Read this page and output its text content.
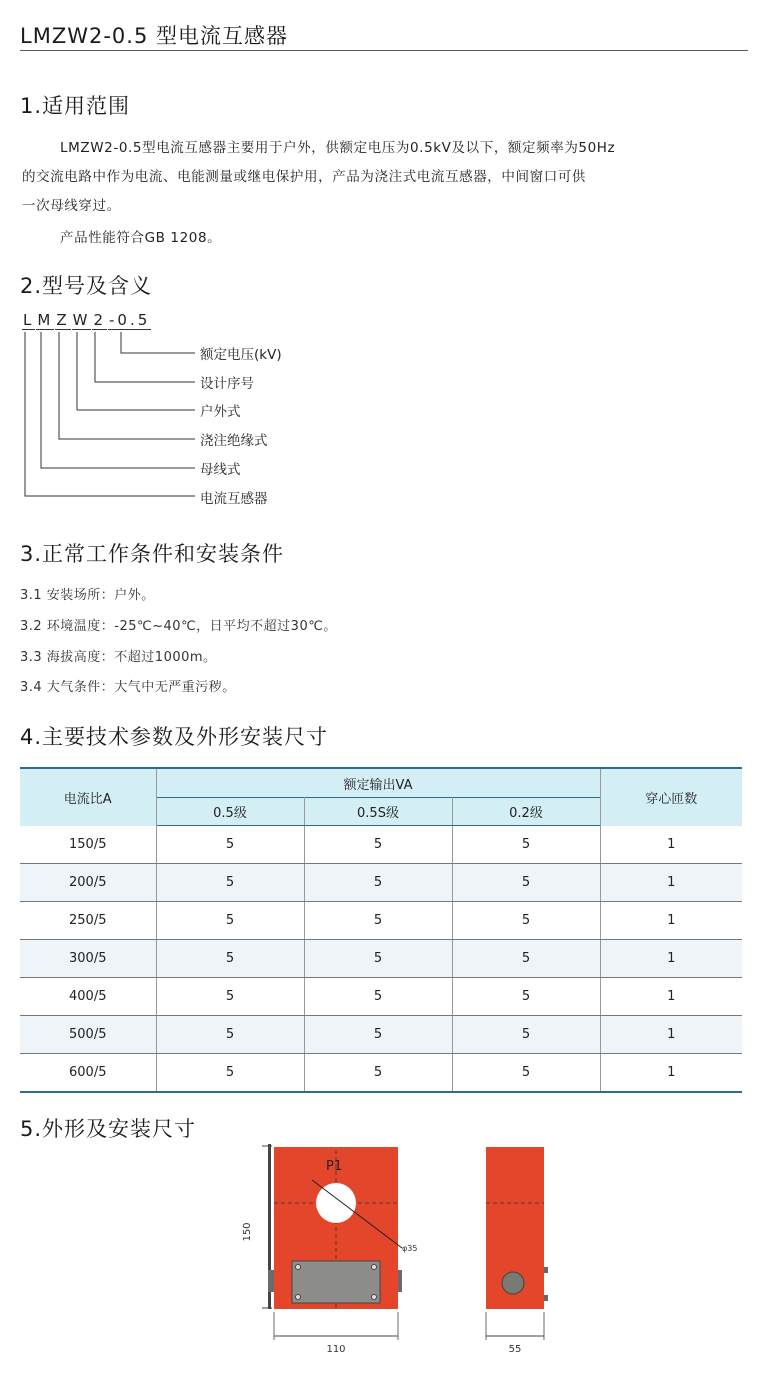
LMZW2-0.5 型电流互感器
1.适用范围
LMZW2-0.5型电流互感器主要用于户外，供额定电压为0.5kV及以下，额定频率为50Hz
的交流电路中作为电流、电能测量或继电保护用，产品为浇注式电流互感器，中间窗口可供
一次母线穿过。
产品性能符合GB 1208。
2.型号及含义
L M Z W 2 -0.5
额定电压(kV)
设计序号
户外式
浇注绝缘式
母线式
电流互感器
3.正常工作条件和安装条件
3.1 安装场所：户外。
3.2 环境温度：-25℃~40℃，日平均不超过30℃。
3.3 海拔高度：不超过1000m。
3.4 大气条件：大气中无严重污秽。
4.主要技术参数及外形安装尺寸
电流比A	额定输出VA			穿心匝数
	0.5级	0.5S级	0.2级	
150/5	5	5	5	1
200/5	5	5	5	1
250/5	5	5	5	1
300/5	5	5	5	1
400/5	5	5	5	1
500/5	5	5	5	1
600/5	5	5	5	1
5.外形及安装尺寸
150
P1
φ35
110	55
